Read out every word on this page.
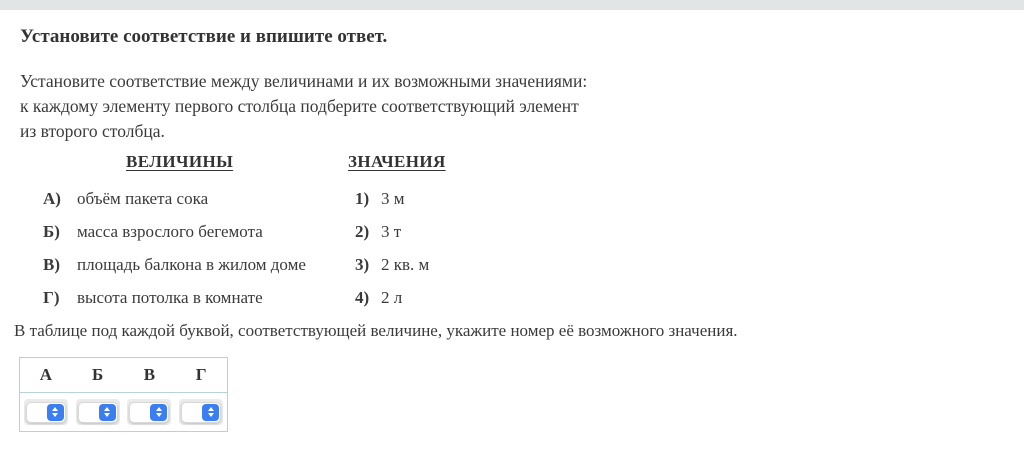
Установите соответствие и впишите ответ.
Установите соответствие между величинами и их возможными значениями:
к каждому элементу первого столбца подберите соответствующий элемент
из второго столбца.
ВЕЛИЧИНЫ	ЗНАЧЕНИЯ
А) объём пакета сока	1) 3 м
Б)	масса взрослого бегемота	2) 3 т
В)	площадь балкона в жилом доме	3) 2 кв. м
Г)	высота потолка в комнате	4) 2 л

В таблице под каждой буквой, соответствующей величине, укажите номер её возможного значения.

А	Б	В	Г
